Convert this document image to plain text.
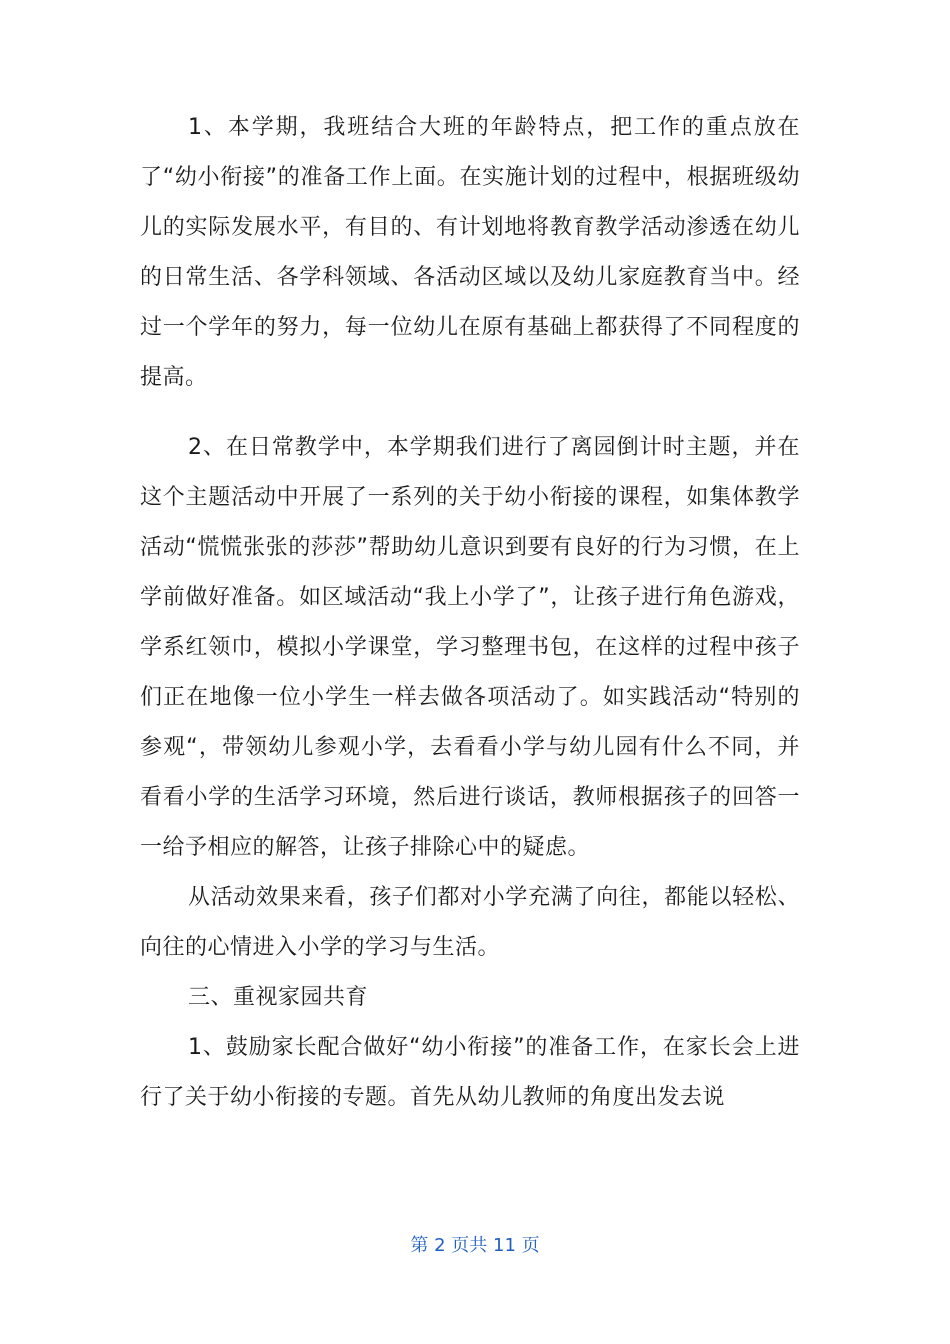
1、本学期，我班结合大班的年龄特点，把工作的重点放在了“幼小衔接”的准备工作上面。在实施计划的过程中，根据班级幼儿的实际发展水平，有目的、有计划地将教育教学活动渗透在幼儿的日常生活、各学科领域、各活动区域以及幼儿家庭教育当中。经过一个学年的努力，每一位幼儿在原有基础上都获得了不同程度的提高。

2、在日常教学中，本学期我们进行了离园倒计时主题，并在这个主题活动中开展了一系列的关于幼小衔接的课程，如集体教学活动“慌慌张张的莎莎”帮助幼儿意识到要有良好的行为习惯，在上学前做好准备。如区域活动“我上小学了”，让孩子进行角色游戏，学系红领巾，模拟小学课堂，学习整理书包，在这样的过程中孩子们正在地像一位小学生一样去做各项活动了。如实践活动“特别的参观“，带领幼儿参观小学，去看看小学与幼儿园有什么不同，并看看小学的生活学习环境，然后进行谈话，教师根据孩子的回答一一给予相应的解答，让孩子排除心中的疑虑。

从活动效果来看，孩子们都对小学充满了向往，都能以轻松、向往的心情进入小学的学习与生活。

三、重视家园共育

1、鼓励家长配合做好“幼小衔接”的准备工作，在家长会上进行了关于幼小衔接的专题。首先从幼儿教师的角度出发去说

第 2 页共 11 页
